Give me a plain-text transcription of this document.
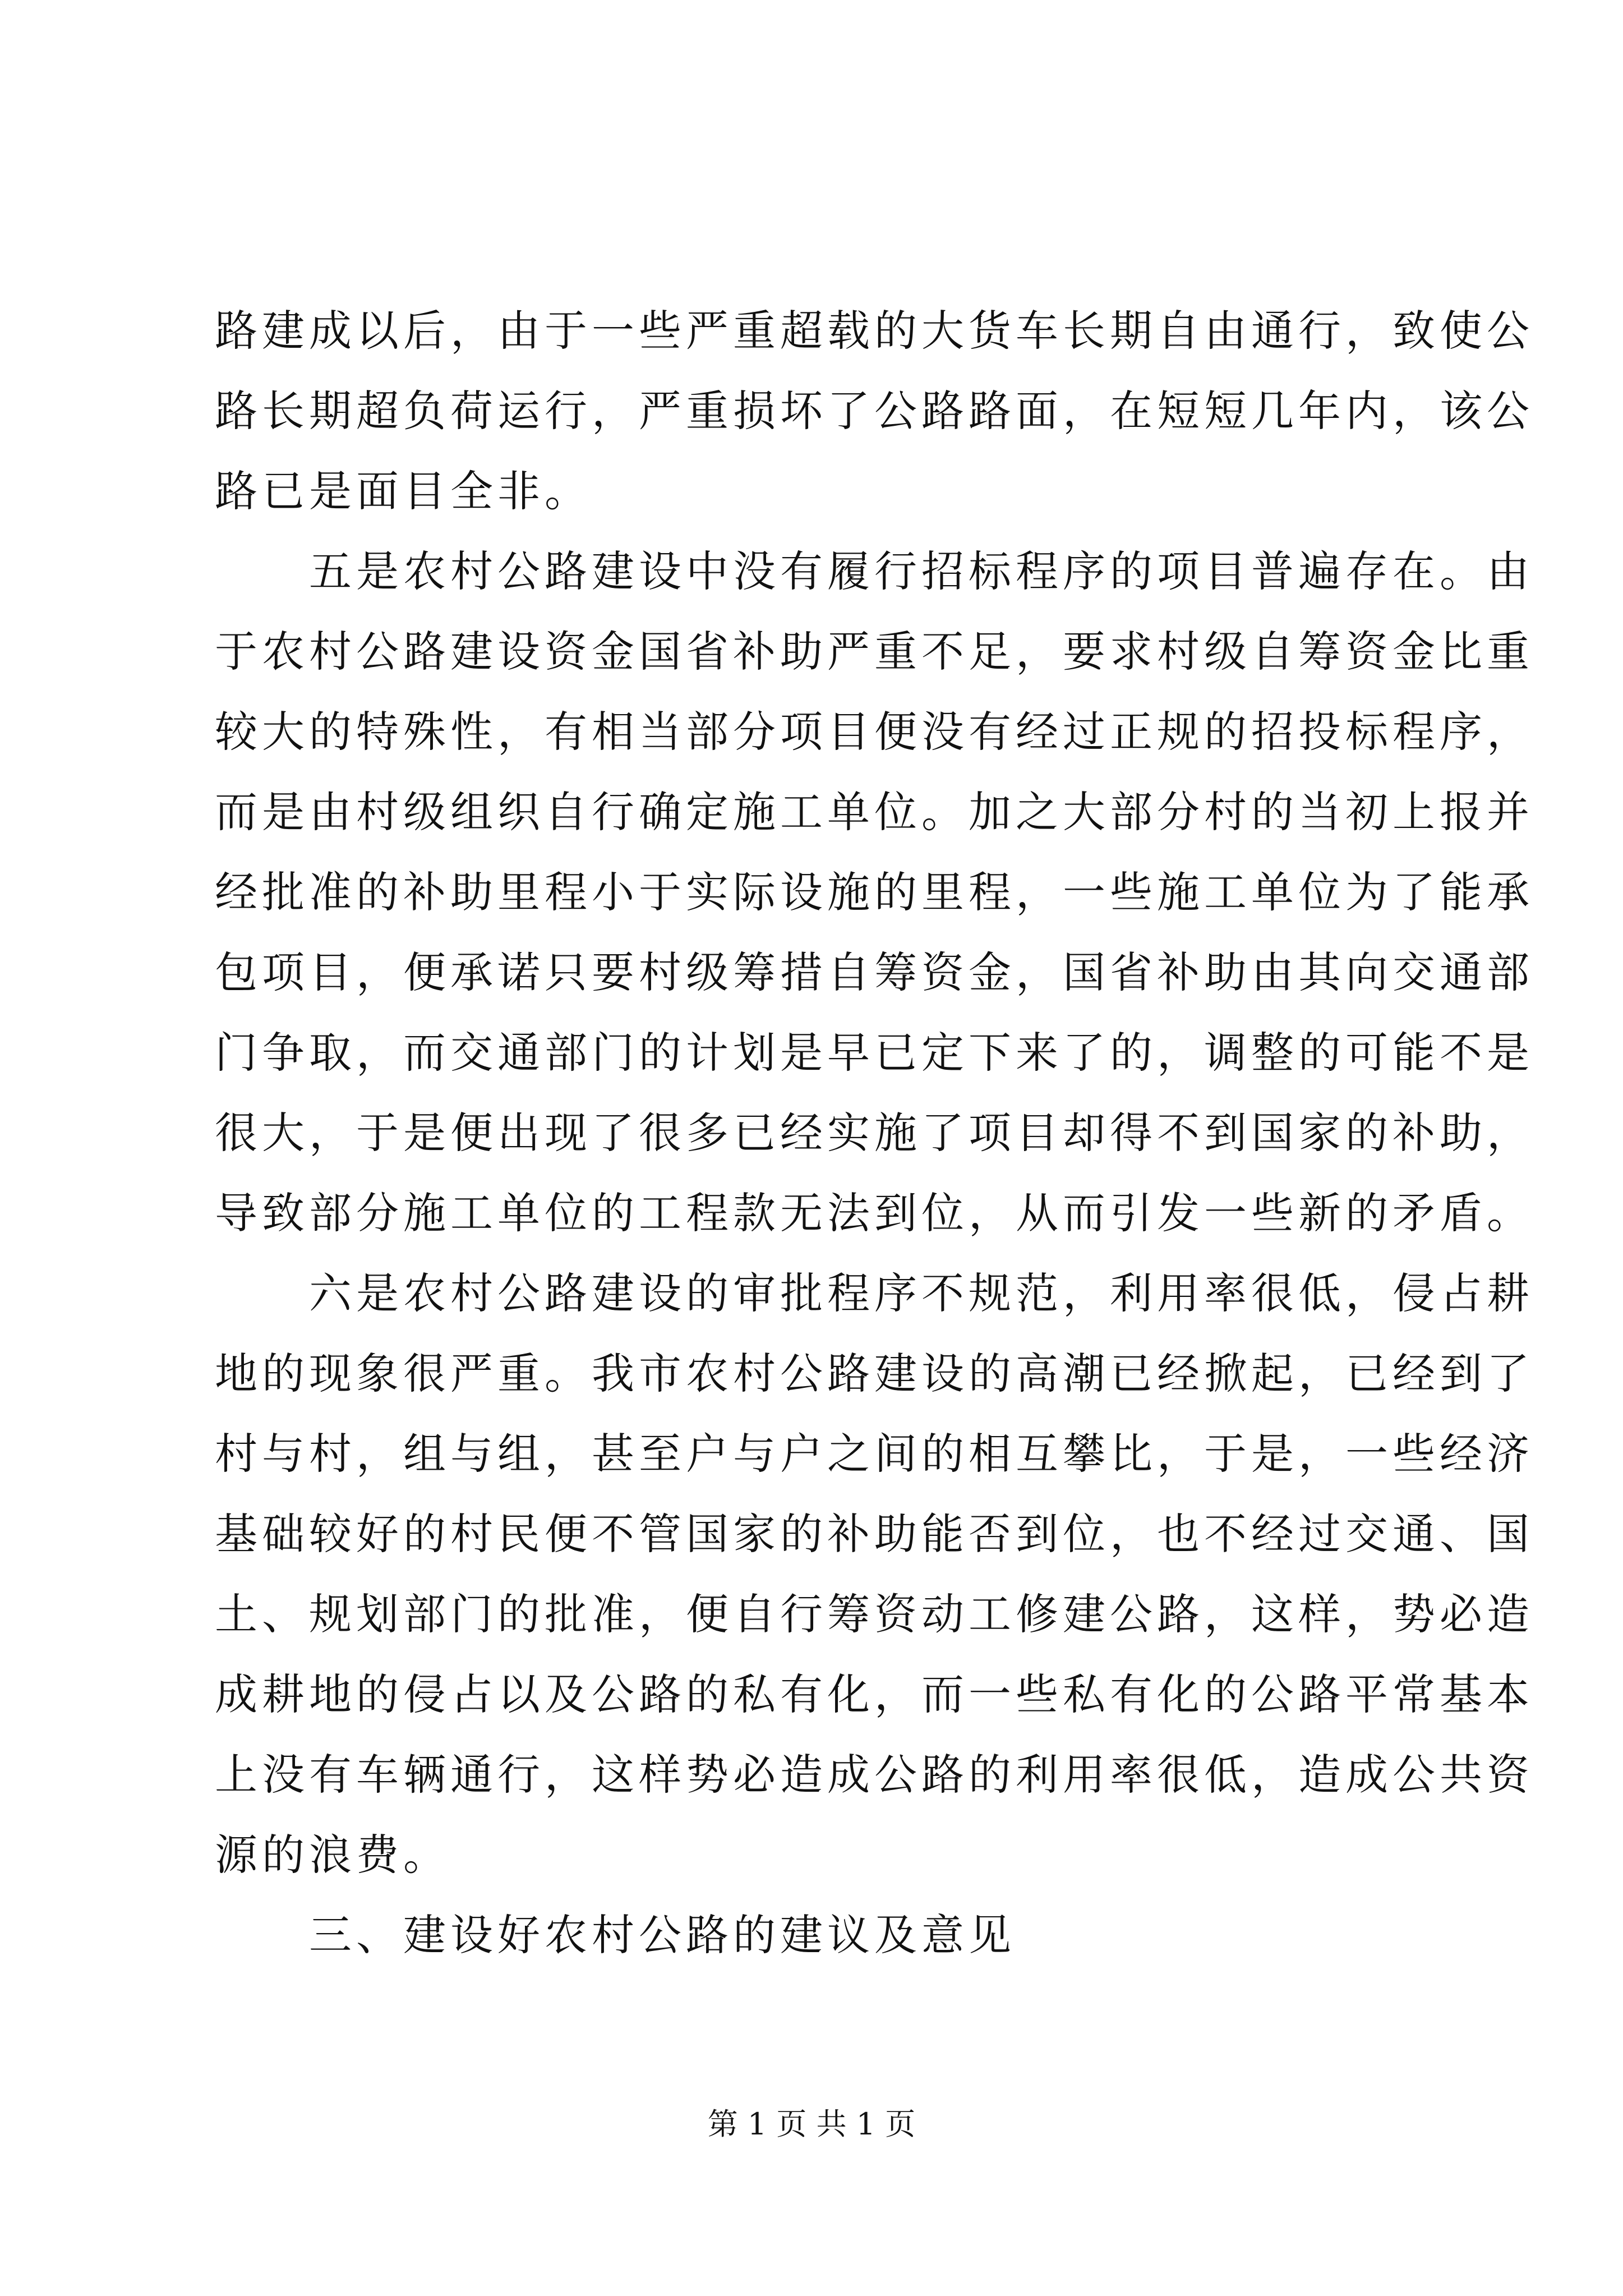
路建成以后，由于一些严重超载的大货车长期自由通行，致使公
路长期超负荷运行，严重损坏了公路路面，在短短几年内，该公
路已是面目全非。
五是农村公路建设中没有履行招标程序的项目普遍存在。由
于农村公路建设资金国省补助严重不足，要求村级自筹资金比重
较大的特殊性，有相当部分项目便没有经过正规的招投标程序，
而是由村级组织自行确定施工单位。加之大部分村的当初上报并
经批准的补助里程小于实际设施的里程，一些施工单位为了能承
包项目，便承诺只要村级筹措自筹资金，国省补助由其向交通部
门争取，而交通部门的计划是早已定下来了的，调整的可能不是
很大，于是便出现了很多已经实施了项目却得不到国家的补助，
导致部分施工单位的工程款无法到位，从而引发一些新的矛盾。
六是农村公路建设的审批程序不规范，利用率很低，侵占耕
地的现象很严重。我市农村公路建设的高潮已经掀起，已经到了
村与村，组与组，甚至户与户之间的相互攀比，于是，一些经济
基础较好的村民便不管国家的补助能否到位，也不经过交通、国
土、规划部门的批准，便自行筹资动工修建公路，这样，势必造
成耕地的侵占以及公路的私有化，而一些私有化的公路平常基本
上没有车辆通行，这样势必造成公路的利用率很低，造成公共资
源的浪费。
三、建设好农村公路的建议及意见
第 1 页 共 1 页
